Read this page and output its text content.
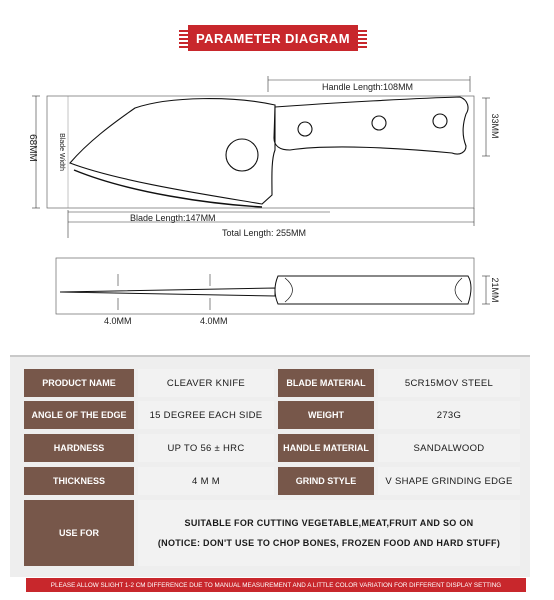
PARAMETER DIAGRAM
Handle Length:108MM
68MM	Blade Width
33MM
Blade Length:147MM
Total Length: 255MM
4.0MM	4.0MM
21MM
PRODUCT NAME	CLEAVER KNIFE	BLADE MATERIAL	5CR15MOV STEEL
ANGLE OF THE EDGE	15 DEGREE EACH SIDE	WEIGHT	273G
HARDNESS	UP TO 56 ± HRC	HANDLE MATERIAL	SANDALWOOD
THICKNESS	4 M M	GRIND STYLE	V SHAPE GRINDING EDGE
USE FOR
SUITABLE FOR CUTTING VEGETABLE,MEAT,FRUIT AND SO ON
(NOTICE: DON'T USE TO CHOP BONES, FROZEN FOOD AND HARD STUFF)
PLEASE ALLOW SLIGHT 1-2 CM DIFFERENCE DUE TO MANUAL MEASUREMENT AND A LITTLE COLOR VARIATION FOR DIFFERENT DISPLAY SETTING
